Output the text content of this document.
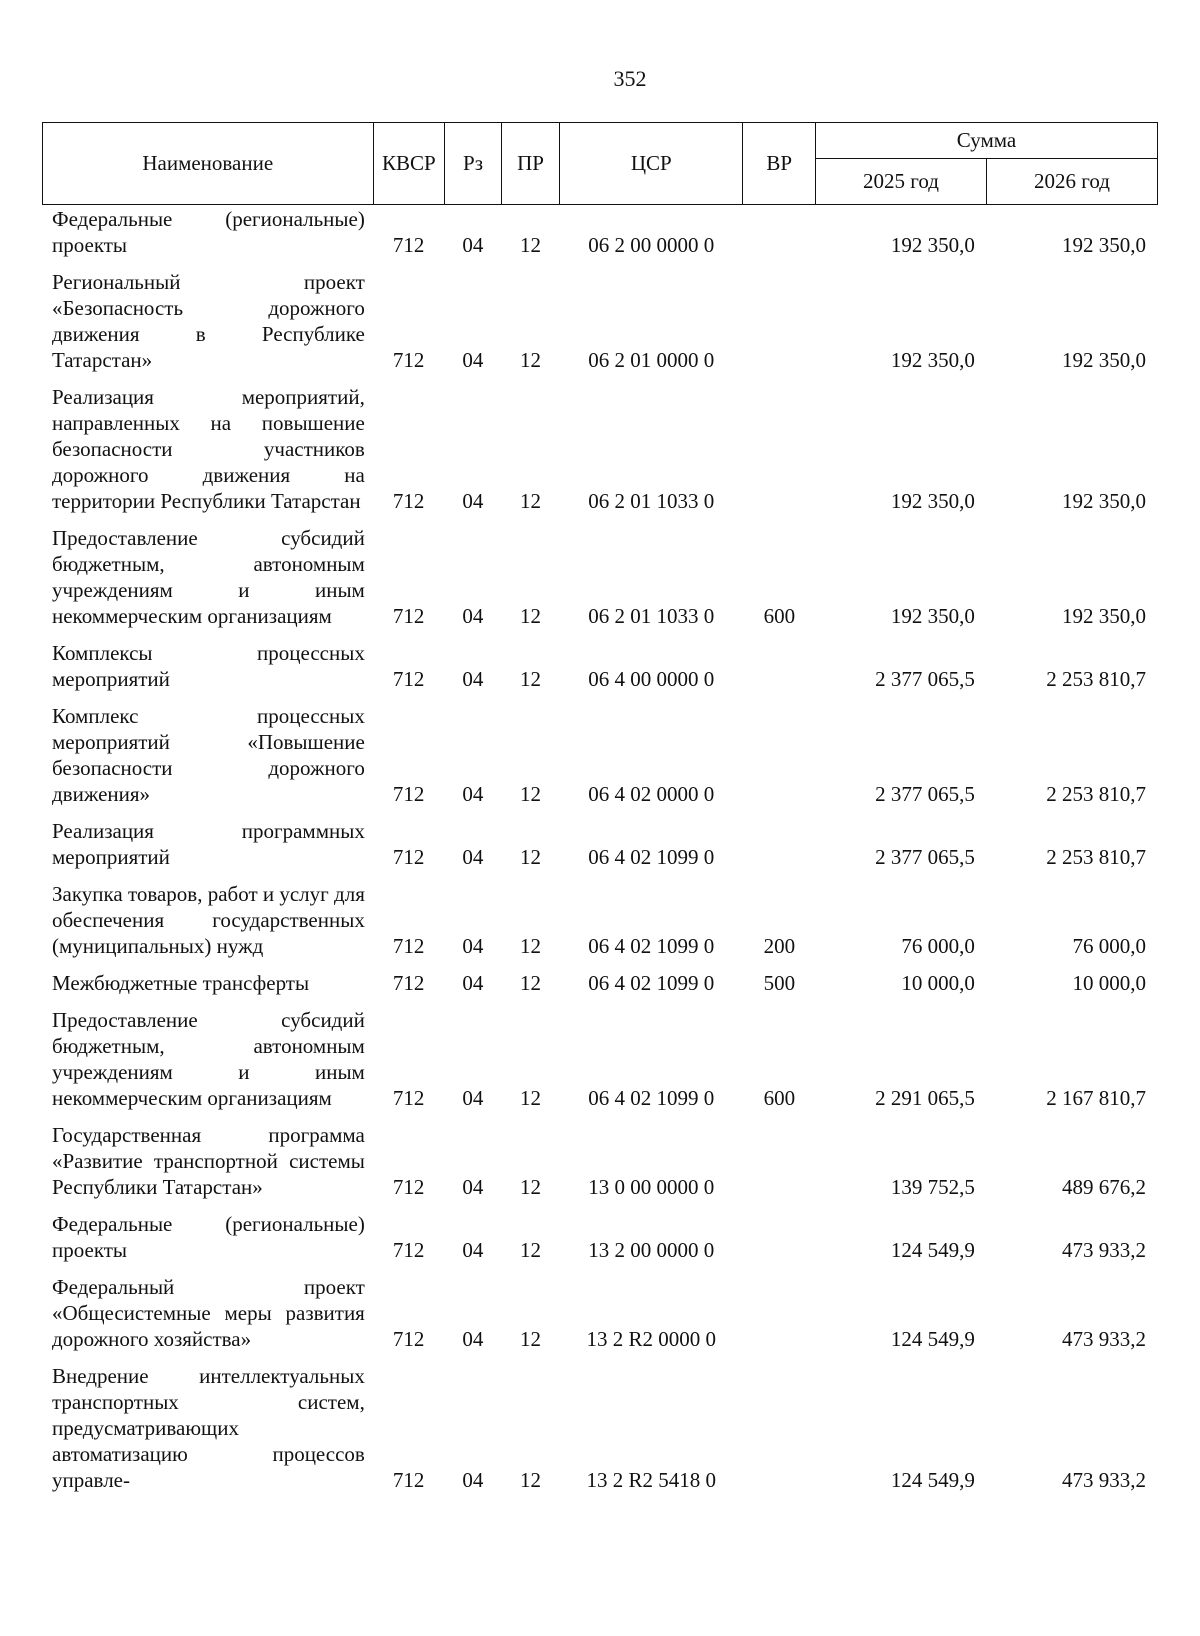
352
Наименование	КВСР	Рз	ПР	ЦСР	ВР	Сумма	
						2025 год	2026 год
Федеральные (региональные) проекты	712	04	12	06 2 00 0000 0		192 350,0	192 350,0
Региональный проект «Безопасность дорожного движения в Республике Татарстан»	712	04	12	06 2 01 0000 0		192 350,0	192 350,0
Реализация мероприятий, направленных на повышение безопасности участников дорожного движения на территории Республики Татарстан	712	04	12	06 2 01 1033 0		192 350,0	192 350,0
Предоставление субсидий бюджетным, автономным учреждениям и иным некоммерческим организациям	712	04	12	06 2 01 1033 0	600	192 350,0	192 350,0
Комплексы процессных мероприятий	712	04	12	06 4 00 0000 0		2 377 065,5	2 253 810,7
Комплекс процессных мероприятий «Повышение безопасности дорожного движения»	712	04	12	06 4 02 0000 0		2 377 065,5	2 253 810,7
Реализация программных мероприятий	712	04	12	06 4 02 1099 0		2 377 065,5	2 253 810,7
Закупка товаров, работ и услуг для обеспечения государственных (муниципальных) нужд	712	04	12	06 4 02 1099 0	200	76 000,0	76 000,0
Межбюджетные трансферты	712	04	12	06 4 02 1099 0	500	10 000,0	10 000,0
Предоставление субсидий бюджетным, автономным учреждениям и иным некоммерческим организациям	712	04	12	06 4 02 1099 0	600	2 291 065,5	2 167 810,7
Государственная программа «Развитие транспортной системы Республики Татарстан»	712	04	12	13 0 00 0000 0		139 752,5	489 676,2
Федеральные (региональные) проекты	712	04	12	13 2 00 0000 0		124 549,9	473 933,2
Федеральный проект «Общесистемные меры развития дорожного хозяйства»	712	04	12	13 2 R2 0000 0		124 549,9	473 933,2
Внедрение интеллектуальных транспортных систем, предусматривающих автоматизацию процессов управле-	712	04	12	13 2 R2 5418 0		124 549,9	473 933,2
